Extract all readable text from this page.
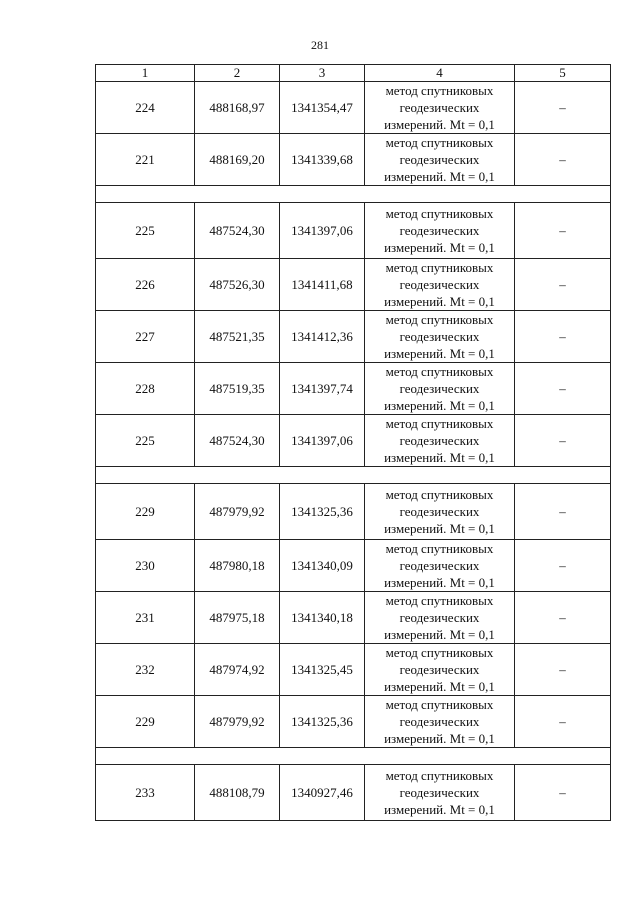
281
1	2	3	4	5
224	488168,97	1341354,47	метод спутниковых
геодезических
измерений. Mt = 0,1	–
221	488169,20	1341339,68	метод спутниковых
геодезических
измерений. Mt = 0,1	–

225	487524,30	1341397,06	метод спутниковых
геодезических
измерений. Mt = 0,1	–
226	487526,30	1341411,68	метод спутниковых
геодезических
измерений. Mt = 0,1	–
227	487521,35	1341412,36	метод спутниковых
геодезических
измерений. Mt = 0,1	–
228	487519,35	1341397,74	метод спутниковых
геодезических
измерений. Mt = 0,1	–
225	487524,30	1341397,06	метод спутниковых
геодезических
измерений. Mt = 0,1	–

229	487979,92	1341325,36	метод спутниковых
геодезических
измерений. Mt = 0,1	–
230	487980,18	1341340,09	метод спутниковых
геодезических
измерений. Mt = 0,1	–
231	487975,18	1341340,18	метод спутниковых
геодезических
измерений. Mt = 0,1	–
232	487974,92	1341325,45	метод спутниковых
геодезических
измерений. Mt = 0,1	–
229	487979,92	1341325,36	метод спутниковых
геодезических
измерений. Mt = 0,1	–

233	488108,79	1340927,46	метод спутниковых
геодезических
измерений. Mt = 0,1	–
